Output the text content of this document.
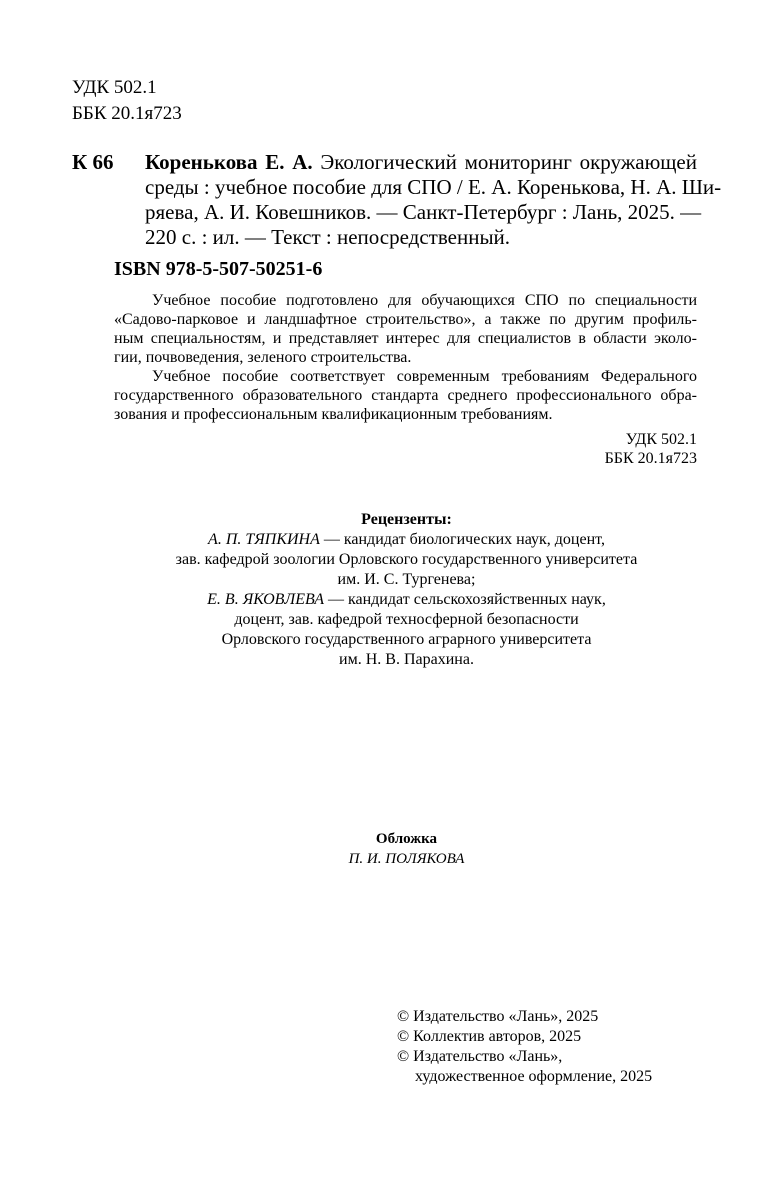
УДК 502.1
ББК 20.1я723
К 66 Кореньковa Е. А. Экологический мониторинг окружающей
среды : учебное пособие для СПО / Е. А. Кореньковa, Н. А. Ши-
ряева, А. И. Ковешников. — Санкт-Петербург : Лань, 2025. —
220 с. : ил. — Текст : непосредственный.
ISBN 978-5-507-50251-6
Учебное пособие подготовлено для обучающихся СПО по специальности
«Садово-парковое и ландшафтное строительство», а также по другим профиль-
ным специальностям, и представляет интерес для специалистов в области эколо-
гии, почвоведения, зеленого строительства.
Учебное пособие соответствует современным требованиям Федерального
государственного образовательного стандарта среднего профессионального обра-
зования и профессиональным квалификационным требованиям.
УДК 502.1
ББК 20.1я723
Рецензенты:
А. П. ТЯПКИНА — кандидат биологических наук, доцент,
зав. кафедрой зоологии Орловского государственного университета
им. И. С. Тургенева;
Е. В. ЯКОВЛЕВА — кандидат сельскохозяйственных наук,
доцент, зав. кафедрой техносферной безопасности
Орловского государственного аграрного университета
им. Н. В. Парахина.
Обложка
П. И. ПОЛЯКОВА
© Издательство «Лань», 2025
© Коллектив авторов, 2025
© Издательство «Лань»,
художественное оформление, 2025
